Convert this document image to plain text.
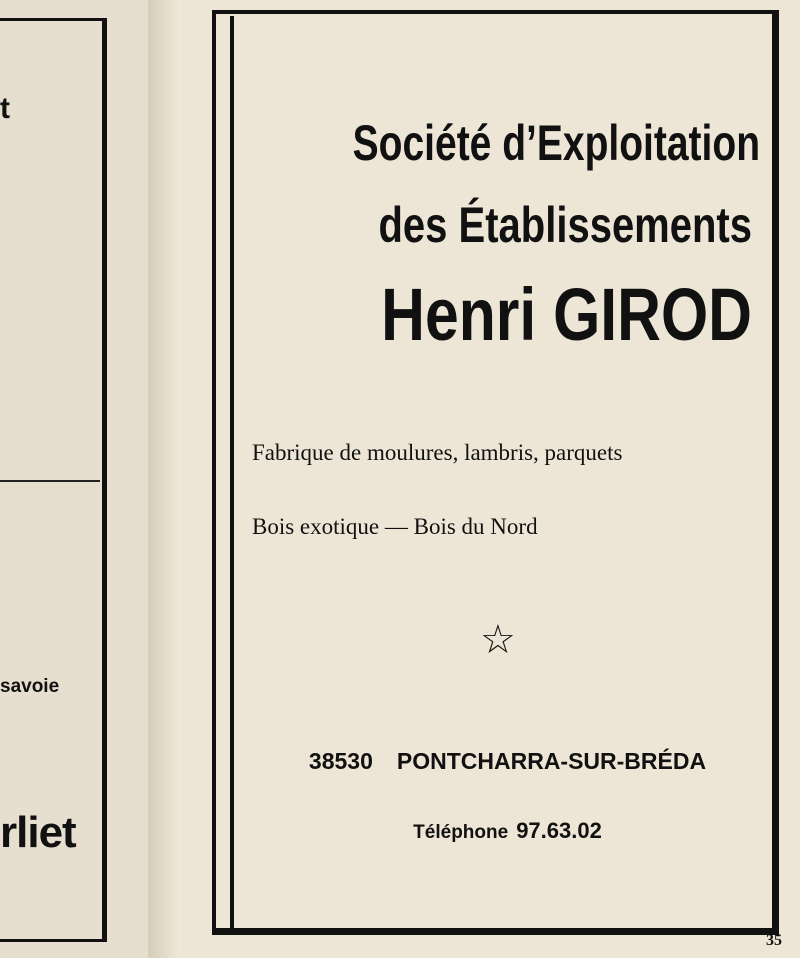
t
savoie
rliet
Société d’Exploitation
des Établissements
Henri GIROD
Fabrique de moulures, lambris, parquets
Bois exotique — Bois du Nord
☆
38530 PONTCHARRA-SUR-BRÉDA
Téléphone 97.63.02
35
